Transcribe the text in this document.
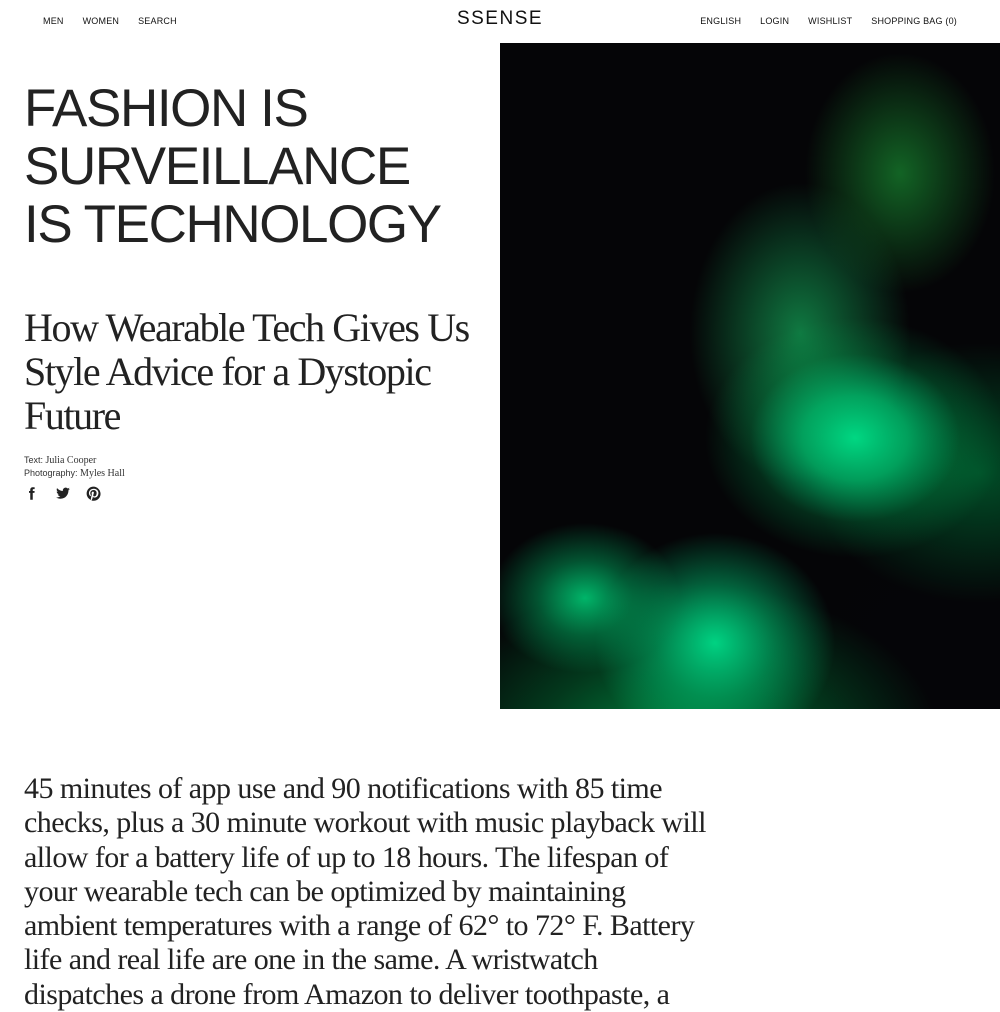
MEN WOMEN SEARCH	SSENSE	ENGLISH LOGIN WISHLIST SHOPPING BAG (0)
FASHION IS
SURVEILLANCE
IS TECHNOLOGY
How Wearable Tech Gives Us Style Advice for a Dystopic Future
Text: Julia Cooper
Photography: Myles Hall

45 minutes of app use and 90 notifications with 85 time checks, plus a 30 minute workout with music playback will allow for a battery life of up to 18 hours. The lifespan of your wearable tech can be optimized by maintaining ambient temperatures with a range of 62° to 72° F. Battery life and real life are one in the same. A wristwatch dispatches a drone from Amazon to deliver toothpaste, a
